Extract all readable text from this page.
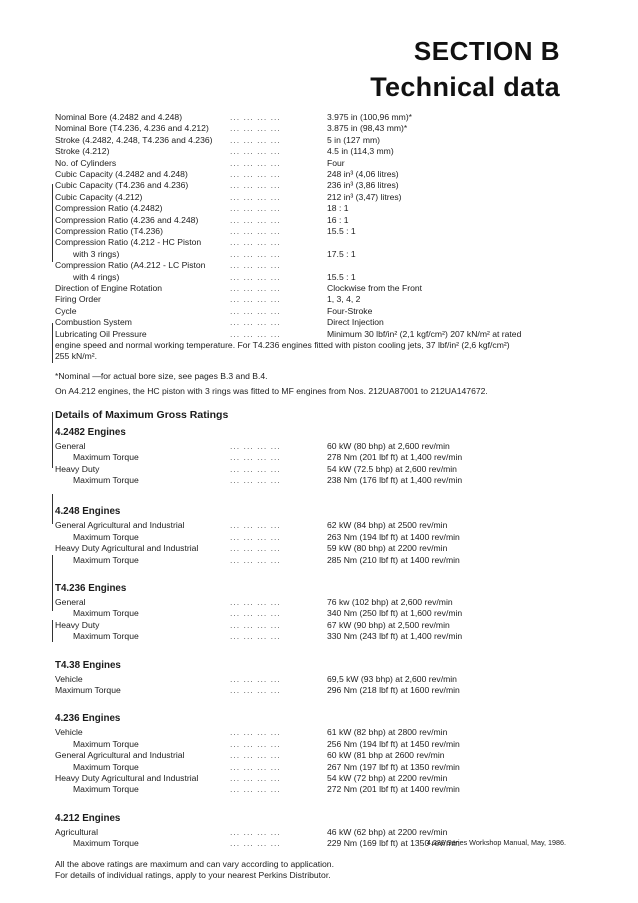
SECTION B
Technical data
Nominal Bore (4.2482 and 4.248)	... ... ... ...	3.975 in (100,96 mm)*
Nominal Bore (T4.236, 4.236 and 4.212) ... ... ... ...	3.875 in (98,43 mm)*
Stroke (4.2482, 4.248, T4.236 and 4.236) ... ... ... ...	5 in (127 mm)
Stroke (4.212)	... ... ... ...	4.5 in (114,3 mm)
No. of Cylinders	... ... ... ...	Four
Cubic Capacity (4.2482 and 4.248)	... ... ... ...	248 in³ (4,06 litres)
Cubic Capacity (T4.236 and 4.236)	... ... ... ...	236 in³ (3,86 litres)
Cubic Capacity (4.212)	... ... ... ...	212 in³ (3,47) litres)
Compression Ratio (4.2482)	... ... ... ...	18 : 1
Compression Ratio (4.236 and 4.248)	... ... ... ...	16 : 1
Compression Ratio (T4.236)	... ... ... ...	15.5 : 1
Compression Ratio (4.212 - HC Piston	... ... ... ...
with 3 rings)	... ... ... ...	17.5 : 1
Compression Ratio (A4.212 - LC Piston	... ... ... ...
with 4 rings)	... ... ... ...	15.5 : 1
Direction of Engine Rotation	... ... ... ...	Clockwise from the Front
Firing Order	... ... ... ...	1, 3, 4, 2
Cycle	... ... ... ...	Four-Stroke
Combustion System	... ... ... ...	Direct Injection
Lubricating Oil Pressure	... ... ... ...	Minimum 30 lbf/in² (2,1 kgf/cm²) 207 kN/m² at rated
engine speed and normal working temperature. For T4.236 engines fitted with piston cooling jets, 37 lbf/in² (2,6 kgf/cm²)
255 kN/m².
*Nominal —for actual bore size, see pages B.3 and B.4.
On A4.212 engines, the HC piston with 3 rings was fitted to MF engines from Nos. 212UA87001 to 212UA147672.
Details of Maximum Gross Ratings
4.2482 Engines
General	... ... ... ...	60 kW (80 bhp) at 2,600 rev/min
Maximum Torque	... ... ... ...	278 Nm (201 lbf ft) at 1,400 rev/min
Heavy Duty	... ... ... ...	54 kW (72.5 bhp) at 2,600 rev/min
Maximum Torque	... ... ... ...	238 Nm (176 lbf ft) at 1,400 rev/min
4.248 Engines
General Agricultural and Industrial	... ... ... ...	62 kW (84 bhp) at 2500 rev/min
Maximum Torque	... ... ... ...	263 Nm (194 lbf ft) at 1400 rev/min
Heavy Duty Agricultural and Industrial	... ... ... ...	59 kW (80 bhp) at 2200 rev/min
Maximum Torque	... ... ... ...	285 Nm (210 lbf ft) at 1400 rev/min
T4.236 Engines
General	... ... ... ...	76 kw (102 bhp) at 2,600 rev/min
Maximum Torque	... ... ... ...	340 Nm (250 lbf ft) at 1,600 rev/min
Heavy Duty	... ... ... ...	67 kW (90 bhp) at 2,500 rev/min
Maximum Torque	... ... ... ...	330 Nm (243 lbf ft) at 1,400 rev/min
T4.38 Engines
Vehicle	... ... ... ...	69,5 kW (93 bhp) at 2,600 rev/min
Maximum Torque	... ... ... ...	296 Nm (218 lbf ft) at 1600 rev/min
4.236 Engines
Vehicle	... ... ... ...	61 kW (82 bhp) at 2800 rev/min
Maximum Torque	... ... ... ...	256 Nm (194 lbf ft) at 1450 rev/min
General Agricultural and Industrial	... ... ... ...	60 kW (81 bhp at 2600 rev/min
Maximum Torque	... ... ... ...	267 Nm (197 lbf ft) at 1350 rev/min
Heavy Duty Agricultural and Industrial	... ... ... ...	54 kW (72 bhp) at 2200 rev/min
Maximum Torque	... ... ... ...	272 Nm (201 lbf ft) at 1400 rev/min
4.212 Engines
Agricultural	... ... ... ...	46 kW (62 bhp) at 2200 rev/min
Maximum Torque	... ... ... ...	229 Nm (169 lbf ft) at 1350 rev/min
All the above ratings are maximum and can vary according to application.
For details of individual ratings, apply to your nearest Perkins Distributor.
4.236 Series Workshop Manual, May, 1986.
